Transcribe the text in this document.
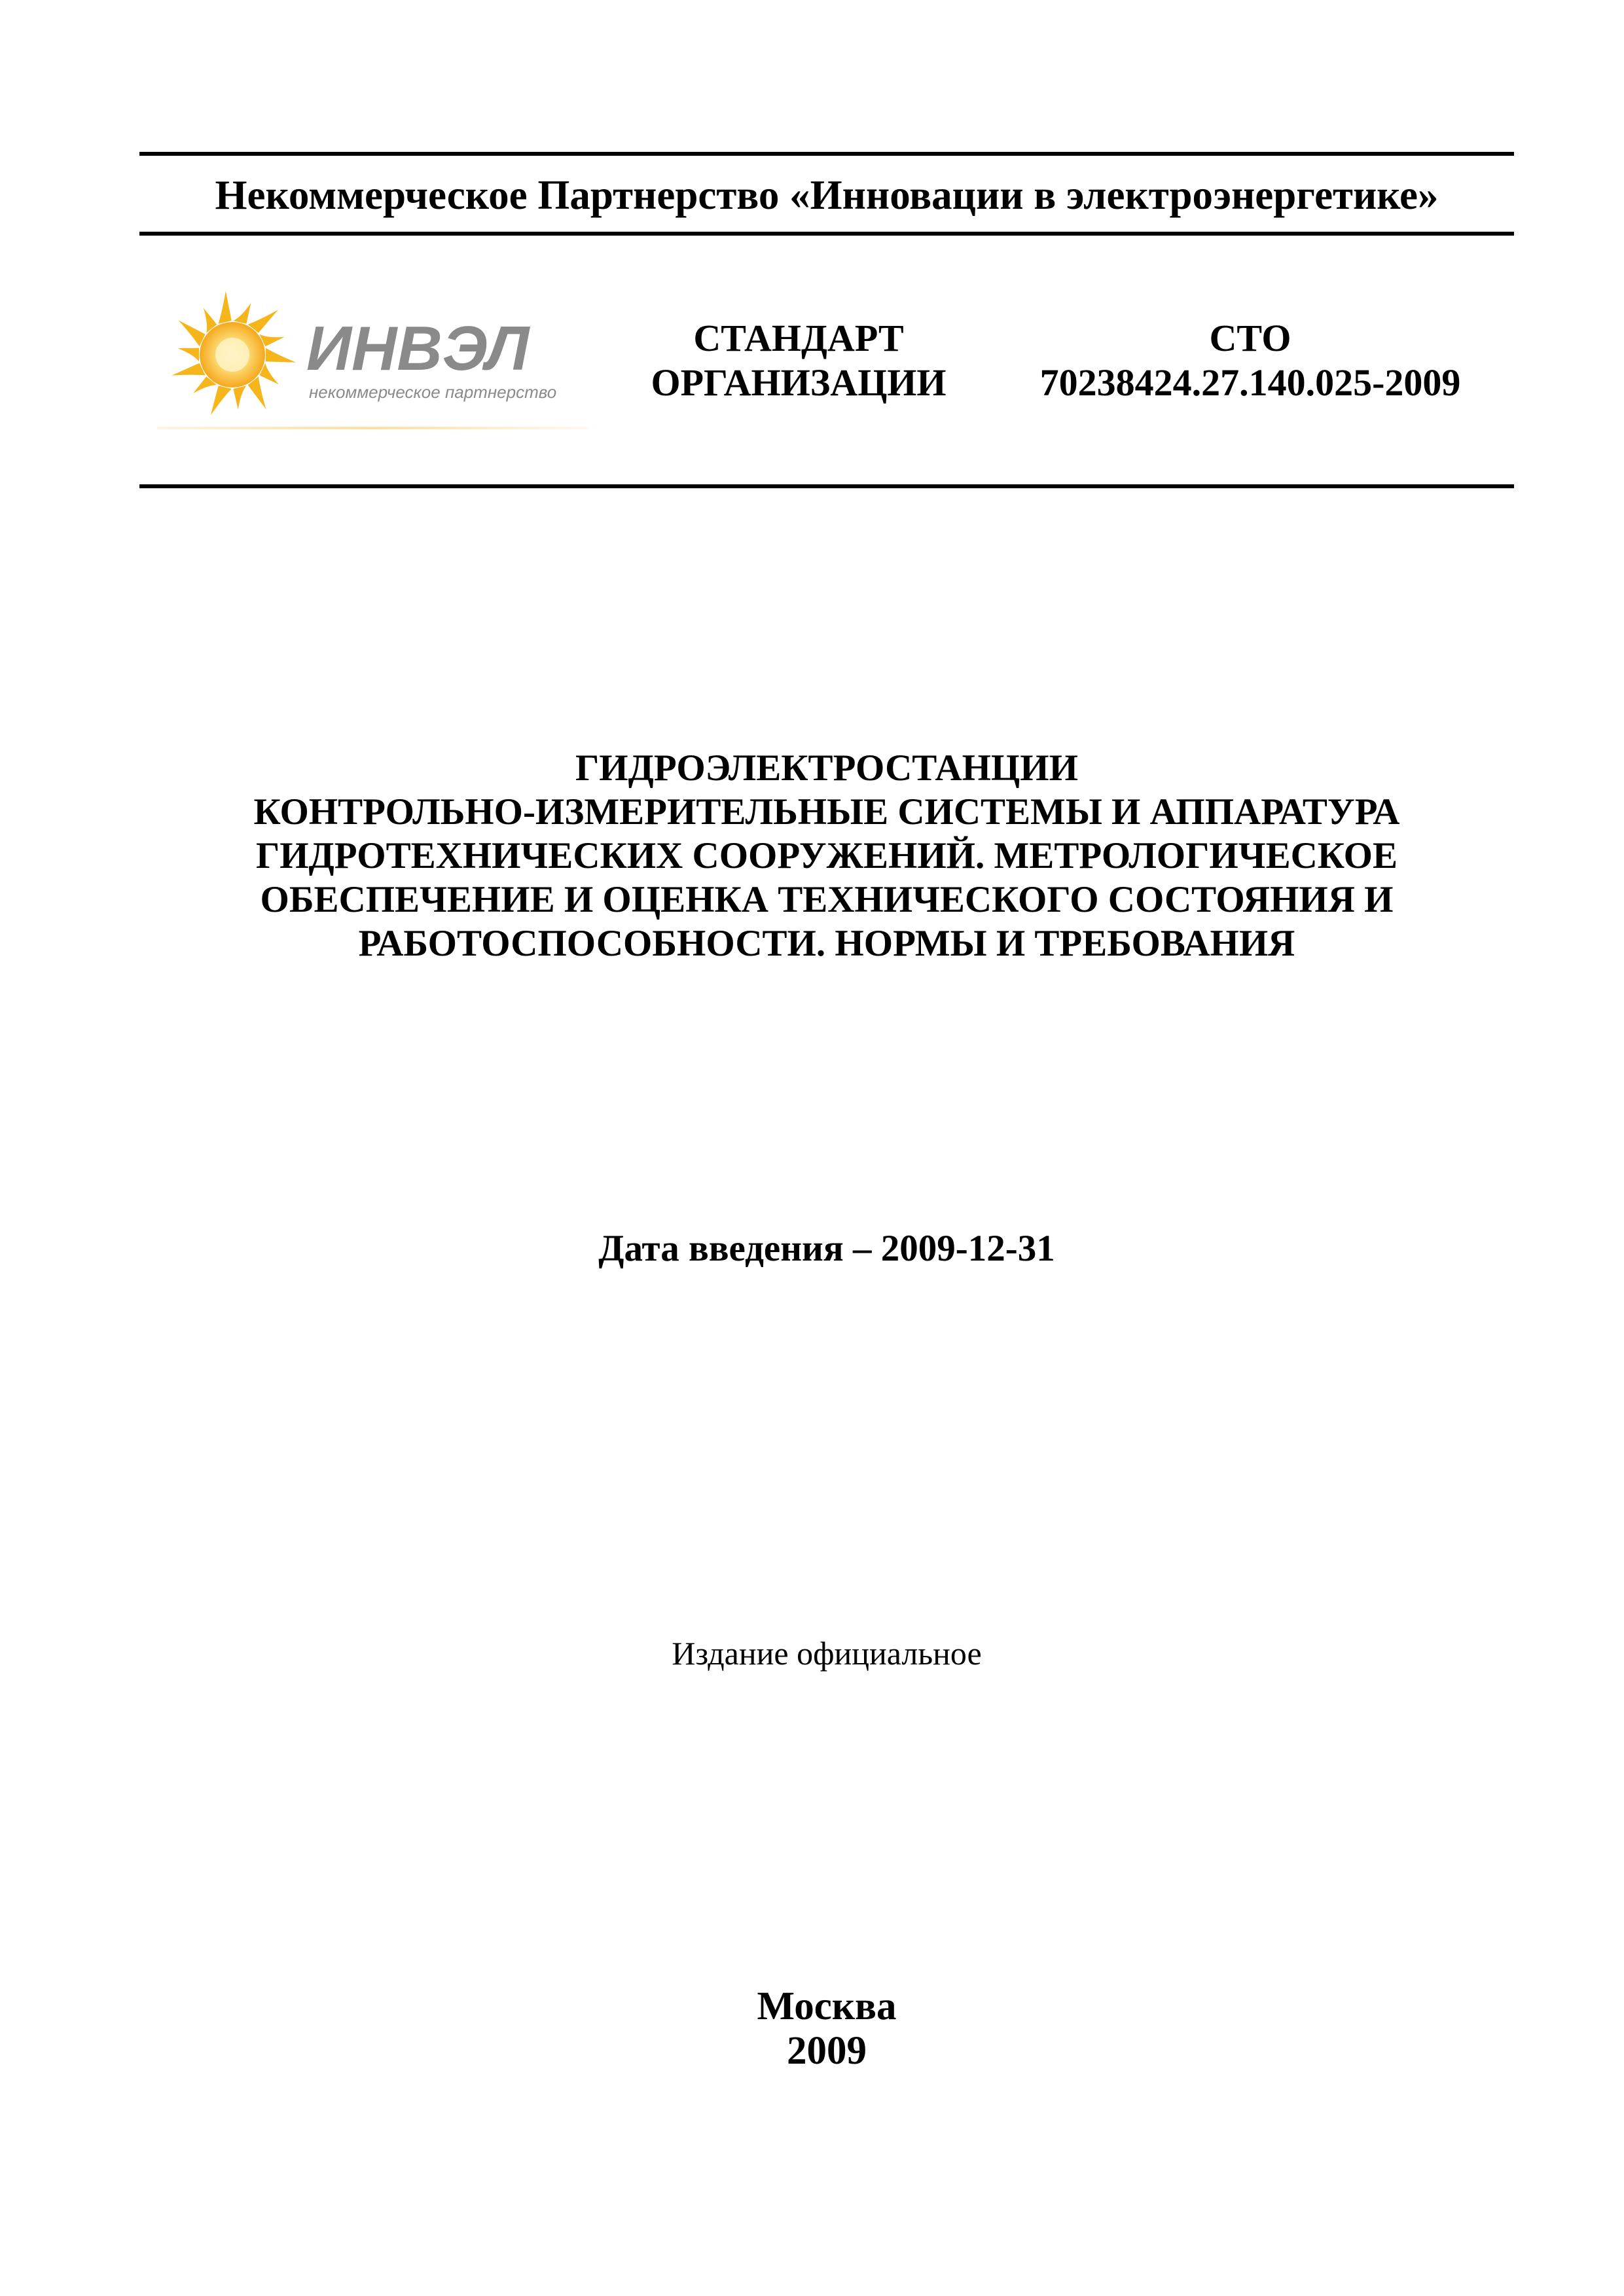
Некоммерческое Партнерство «Инновации в электроэнергетике»
ИНВЭЛ
некоммерческое партнерство
СТАНДАРТ
ОРГАНИЗАЦИИ
СТО
70238424.27.140.025-2009
ГИДРОЭЛЕКТРОСТАНЦИИ
КОНТРОЛЬНО-ИЗМЕРИТЕЛЬНЫЕ СИСТЕМЫ И АППАРАТУРА
ГИДРОТЕХНИЧЕСКИХ СООРУЖЕНИЙ. МЕТРОЛОГИЧЕСКОЕ
ОБЕСПЕЧЕНИЕ И ОЦЕНКА ТЕХНИЧЕСКОГО СОСТОЯНИЯ И
РАБОТОСПОСОБНОСТИ. НОРМЫ И ТРЕБОВАНИЯ
Дата введения – 2009-12-31
Издание официальное
Москва
2009
